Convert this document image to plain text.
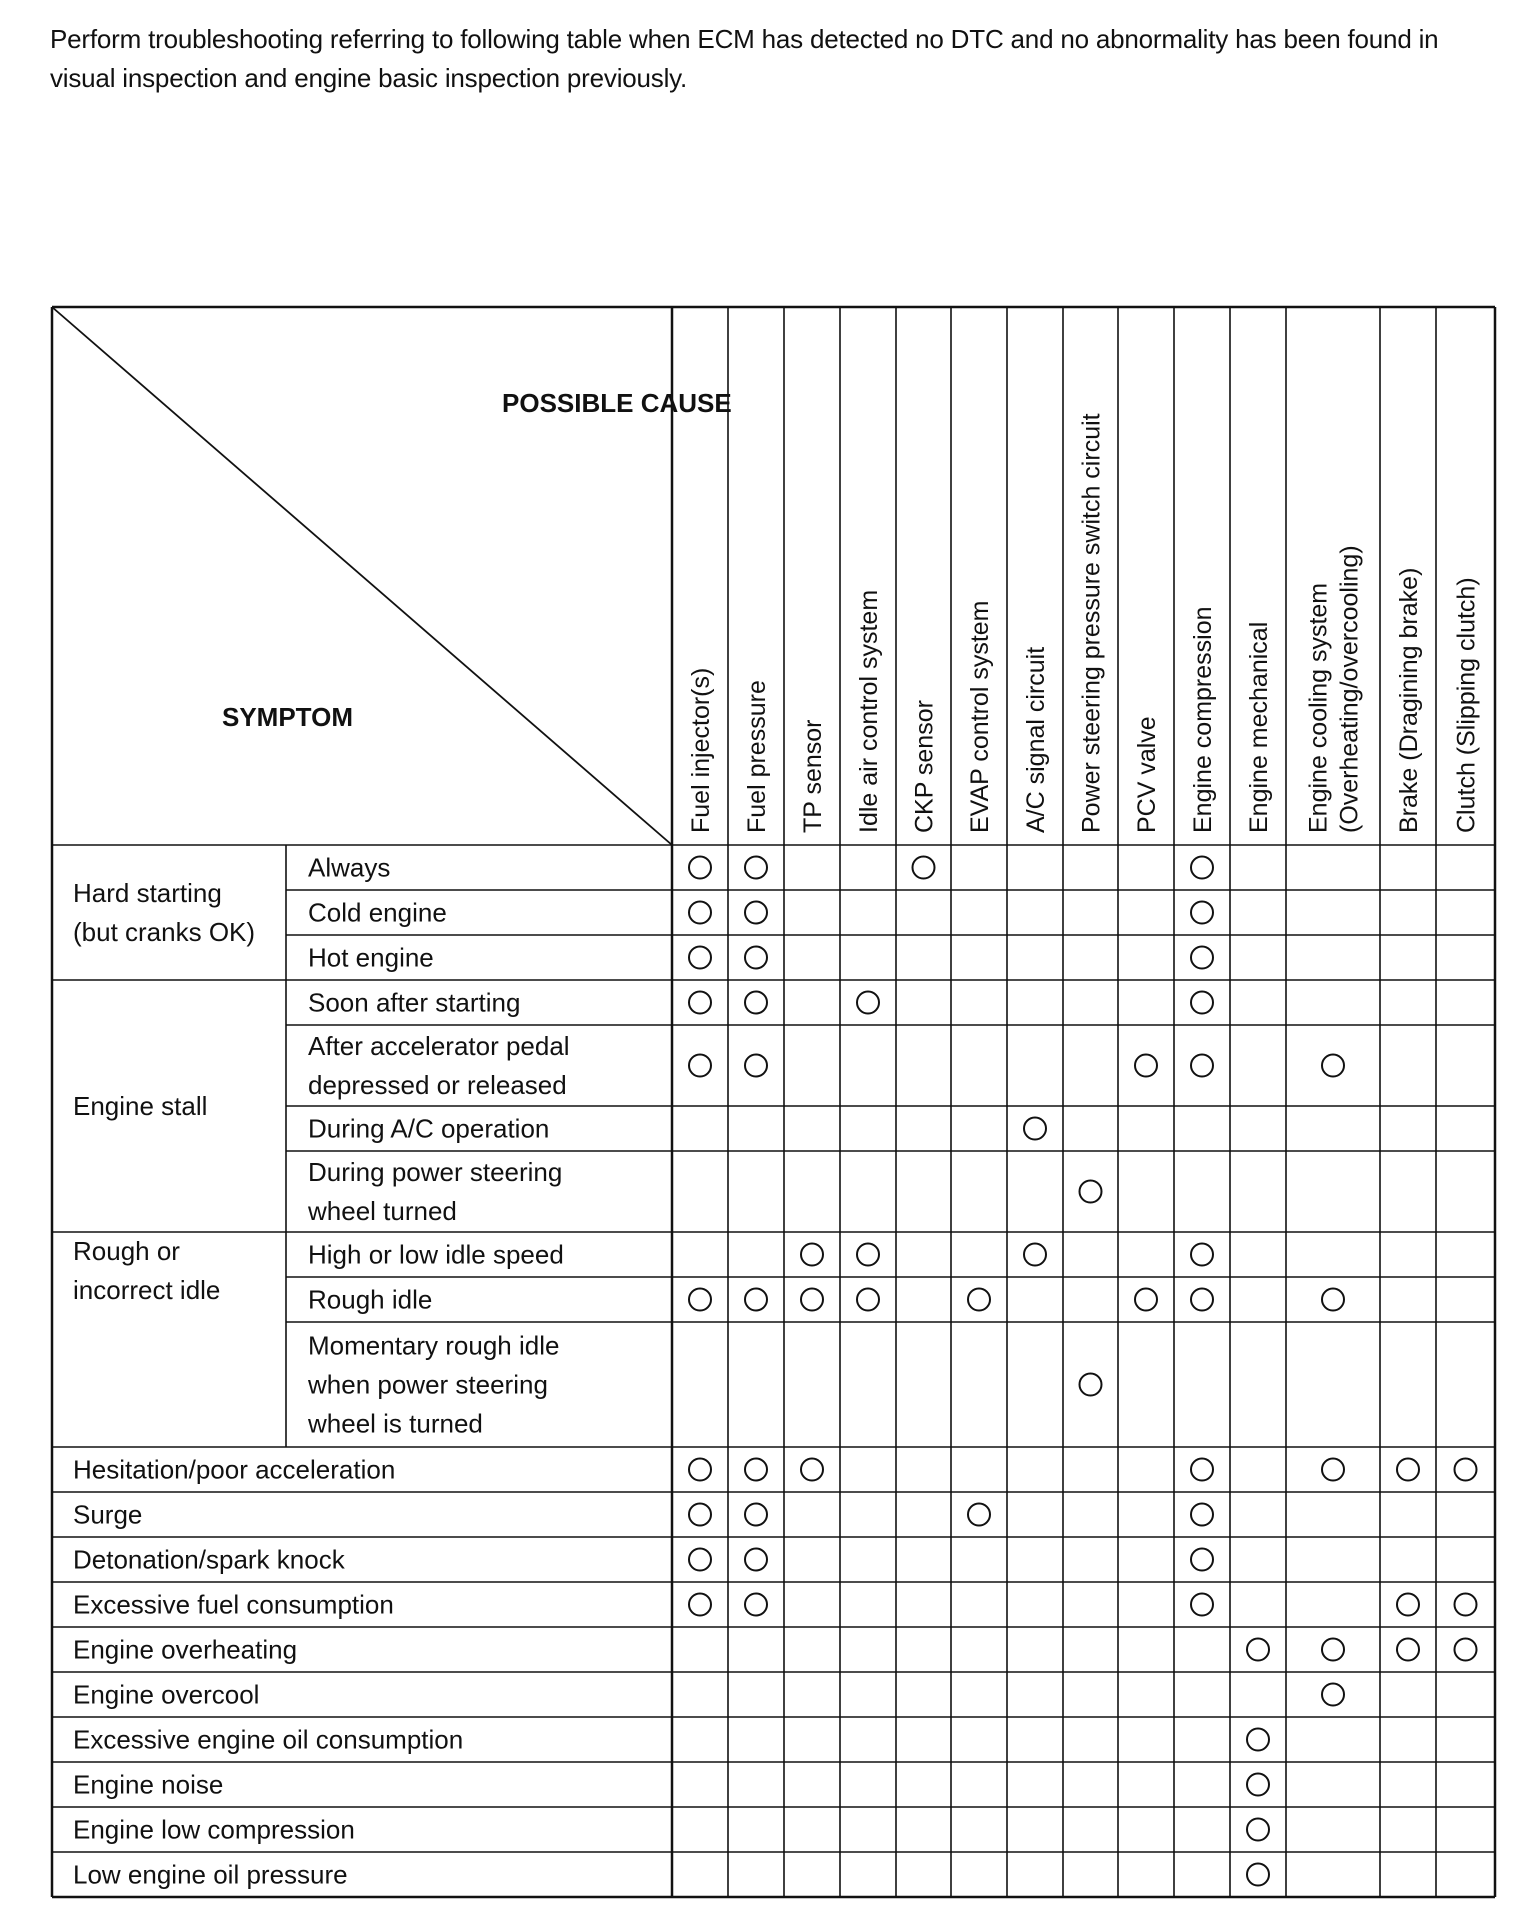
Perform troubleshooting referring to following table when ECM has detected no DTC and no abnormality has been found in visual inspection and engine basic inspection previously.
POSSIBLE CAUSE
SYMPTOM	Fuel injector(s) Fuel pressure TP sensor Idle air control system CKP sensor EVAP control system A/C signal circuit Power steering pressure switch circuit PCV valve Engine compression Engine mechanical Engine cooling system (Overheating/overcooling) Brake (Dragining brake) Clutch (Slipping clutch)
Always
Hard starting
(but cranks OK)
Cold engine
Hot engine
Soon after starting
Engine stall
After accelerator pedal
depressed or released
During A/C operation
During power steering
wheel turned
High or low idle speed
Rough or
incorrect idle	Rough idle
Momentary rough idle
when power steering
wheel is turned
Hesitation/poor acceleration
Surge
Detonation/spark knock
Excessive fuel consumption
Engine overheating
Engine overcool
Excessive engine oil consumption
Engine noise
Engine low compression
Low engine oil pressure
